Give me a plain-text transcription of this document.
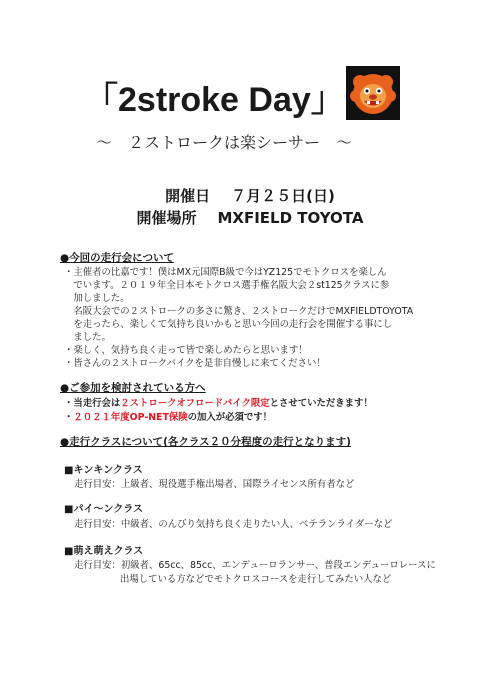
「2stroke Day」
～　２ストロークは楽シーサー　～
開催日 ７月２５日(日)
開催場所 MXFIELD TOYOTA
●今回の走行会について
・主催者の比嘉です！僕はMX元国際B級で今はYZ125でモトクロスを楽しん
　でいます。２０１９年全日本モトクロス選手権名阪大会２st125クラスに参
　加しました。
　名阪大会での２ストロークの多さに驚き、２ストロークだけでMXFIELDTOYOTA
　を走ったら、楽しくて気持ち良いかもと思い今回の走行会を開催する事にし
　ました。
・楽しく、気持ち良く走って皆で楽しめたらと思います！
・皆さんの２ストロークバイクを是非自慢しに来てください！
●ご参加を検討されている方へ
・当走行会は２ストロークオフロードバイク限定とさせていただきます！
・２０２１年度OP-NET保険の加入が必須です！
●走行クラスについて(各クラス２０分程度の走行となります)
■キンキンクラス
走行目安：上級者、現役選手権出場者、国際ライセンス所有者など
■パイ～ンクラス
走行目安：中級者、のんびり気持ち良く走りたい人、ベテランライダーなど
■萌え萌えクラス
走行目安：初級者、65cc、85cc、エンデューロランサー、普段エンデューロレースに
出場している方などでモトクロスコースを走行してみたい人など
